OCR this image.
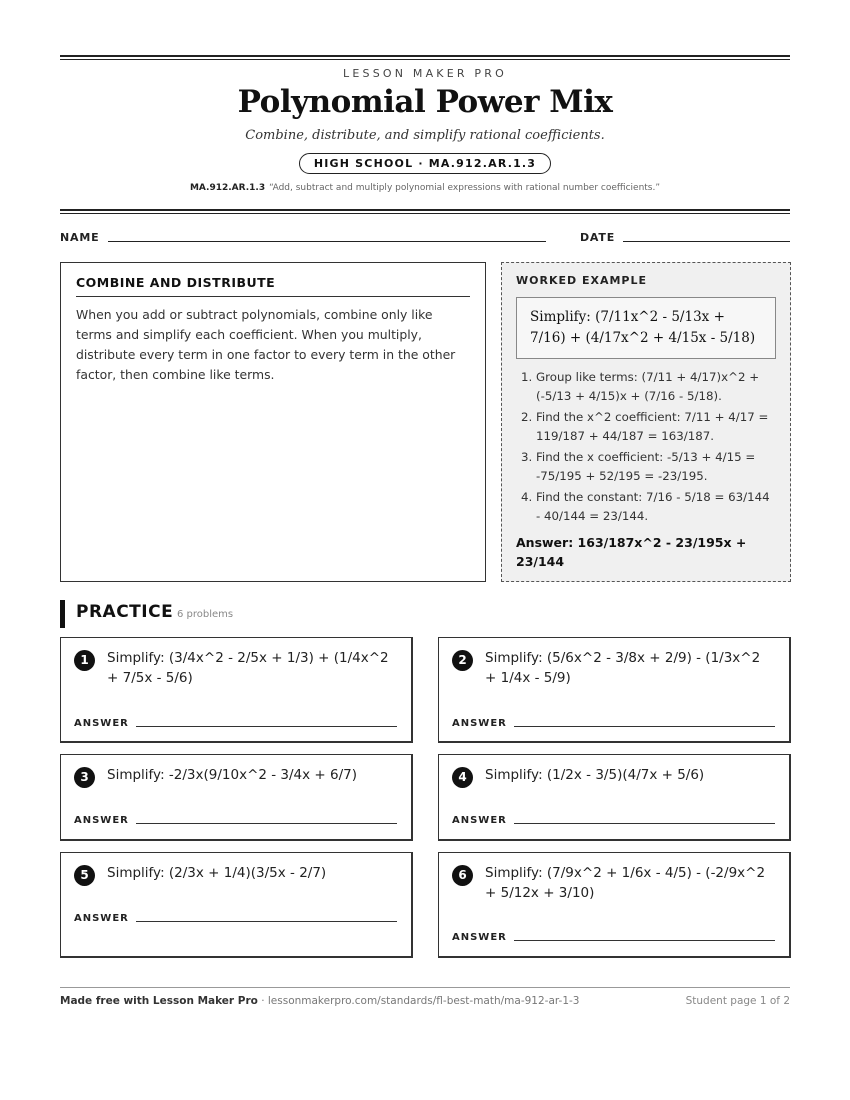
LESSON MAKER PRO
Polynomial Power Mix
Combine, distribute, and simplify rational coefficients.
HIGH SCHOOL · MA.912.AR.1.3
MA.912.AR.1.3 “Add, subtract and multiply polynomial expressions with rational number coefficients.”
NAME	DATE
COMBINE AND DISTRIBUTE
When you add or subtract polynomials, combine only like terms and simplify each coefficient. When you multiply, distribute every term in one factor to every term in the other factor, then combine like terms.
WORKED EXAMPLE
Simplify: (7/11x^2 - 5/13x + 7/16) + (4/17x^2 + 4/15x - 5/18)
1. Group like terms: (7/11 + 4/17)x^2 + (-5/13 + 4/15)x + (7/16 - 5/18).
2. Find the x^2 coefficient: 7/11 + 4/17 = 119/187 + 44/187 = 163/187.
3. Find the x coefficient: -5/13 + 4/15 = -75/195 + 52/195 = -23/195.
4. Find the constant: 7/16 - 5/18 = 63/144 - 40/144 = 23/144.
Answer: 163/187x^2 - 23/195x + 23/144
PRACTICE 6 problems
1	Simplify: (3/4x^2 - 2/5x + 1/3) + (1/4x^2 + 7/5x - 5/6)
ANSWER
2	Simplify: (5/6x^2 - 3/8x + 2/9) - (1/3x^2 + 1/4x - 5/9)
ANSWER
3	Simplify: -2/3x(9/10x^2 - 3/4x + 6/7)
ANSWER
4	Simplify: (1/2x - 3/5)(4/7x + 5/6)
ANSWER
5	Simplify: (2/3x + 1/4)(3/5x - 2/7)
ANSWER
6	Simplify: (7/9x^2 + 1/6x - 4/5) - (-2/9x^2 + 5/12x + 3/10)
ANSWER
Made free with Lesson Maker Pro · lessonmakerpro.com/standards/fl-best-math/ma-912-ar-1-3	Student page 1 of 2
